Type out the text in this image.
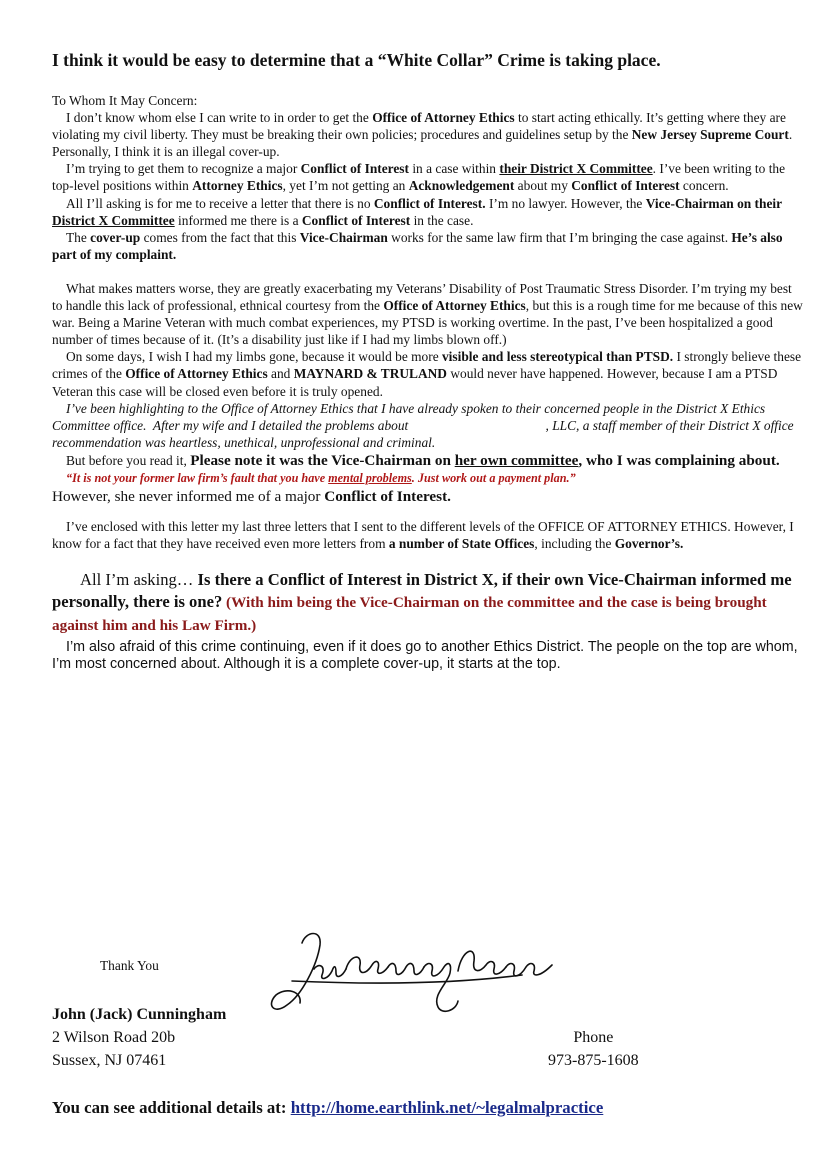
I think it would be easy to determine that a “White Collar” Crime is taking place.

To Whom It May Concern:

I don’t know whom else I can write to in order to get the Office of Attorney Ethics to start acting ethically. It’s getting where they are violating my civil liberty. They must be breaking their own policies; procedures and guidelines setup by the New Jersey Supreme Court. Personally, I think it is an illegal cover-up.

I’m trying to get them to recognize a major Conflict of Interest in a case within their District X Committee. I’ve been writing to the top-level positions within Attorney Ethics, yet I’m not getting an Acknowledgement about my Conflict of Interest concern.

All I’ll asking is for me to receive a letter that there is no Conflict of Interest. I’m no lawyer. However, the Vice-Chairman on their District X Committee informed me there is a Conflict of Interest in the case.

The cover-up comes from the fact that this Vice-Chairman works for the same law firm that I’m bringing the case against. He’s also part of my complaint.

What makes matters worse, they are greatly exacerbating my Veterans’ Disability of Post Traumatic Stress Disorder. I’m trying my best to handle this lack of professional, ethnical courtesy from the Office of Attorney Ethics, but this is a rough time for me because of this new war. Being a Marine Veteran with much combat experiences, my PTSD is working overtime. In the past, I’ve been hospitalized a good number of times because of it. (It’s a disability just like if I had my limbs blown off.)

On some days, I wish I had my limbs gone, because it would be more visible and less stereotypical than PTSD. I strongly believe these crimes of the Office of Attorney Ethics and MAYNARD & TRULAND would never have happened. However, because I am a PTSD Veteran this case will be closed even before it is truly opened.

I’ve been highlighting to the Office of Attorney Ethics that I have already spoken to their concerned people in the District X Ethics Committee office.  After my wife and I detailed the problems about                                         , LLC, a staff member of their District X office recommendation was heartless, unethical, unprofessional and criminal.

But before you read it, Please note it was the Vice-Chairman on her own committee, who I was complaining about.

“It is not your former law firm’s fault that you have mental problems. Just work out a payment plan.”

However, she never informed me of a major Conflict of Interest.

I’ve enclosed with this letter my last three letters that I sent to the different levels of the OFFICE OF ATTORNEY ETHICS. However, I know for a fact that they have received even more letters from a number of State Offices, including the Governor’s.

All I’m asking… Is there a Conflict of Interest in District X, if their own Vice-Chairman informed me personally, there is one? (With him being the Vice-Chairman on the committee and the case is being brought against him and his Law Firm.)

I’m also afraid of this crime continuing, even if it does go to another Ethics District. The people on the top are whom, I’m most concerned about. Although it is a complete cover-up, it starts at the top.

Thank You
John (Jack) Cunningham
2 Wilson Road 20b
Sussex, NJ 07461
Phone
973-875-1608
You can see additional details at: http://home.earthlink.net/~legalmalpractice
